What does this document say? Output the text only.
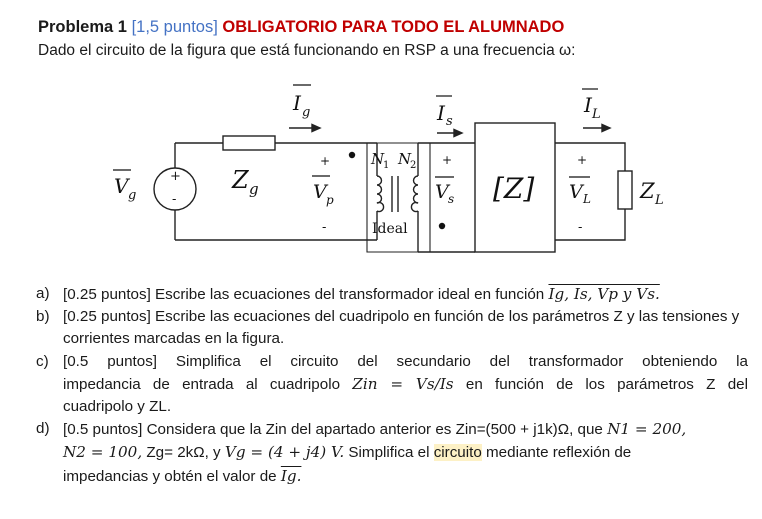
Problema 1 [1,5 puntos] OBLIGATORIO PARA TODO EL ALUMNADO
Dado el circuito de la figura que está funcionando en RSP a una frecuencia ω:
V g
+
-
Z g
I g
+
V p
-
N
1 N
2
Ideal
I s
+
V s [Z]
I L
+
V L
-
Z L
a) [0.25 puntos] Escribe las ecuaciones del transformador ideal en función Ig, Is, Vp y Vs.
b) [0.25 puntos] Escribe las ecuaciones del cuadripolo en función de los parámetros Z y las tensiones y corrientes marcadas en la figura.
c) [0.5 puntos] Simplifica el circuito del secundario del transformador obteniendo la
impedancia de entrada al cuadripolo Zin = Vs/Is en función de los parámetros Z del
cuadripolo y ZL.
d) [0.5 puntos] Considera que la Zin del apartado anterior es Zin=(500 + j1k)Ω, que N1 = 200,
N2 = 100, Zg= 2kΩ, y Vg = (4 + j4) V. Simplifica el circuito mediante reflexión de
impedancias y obtén el valor de Ig.
